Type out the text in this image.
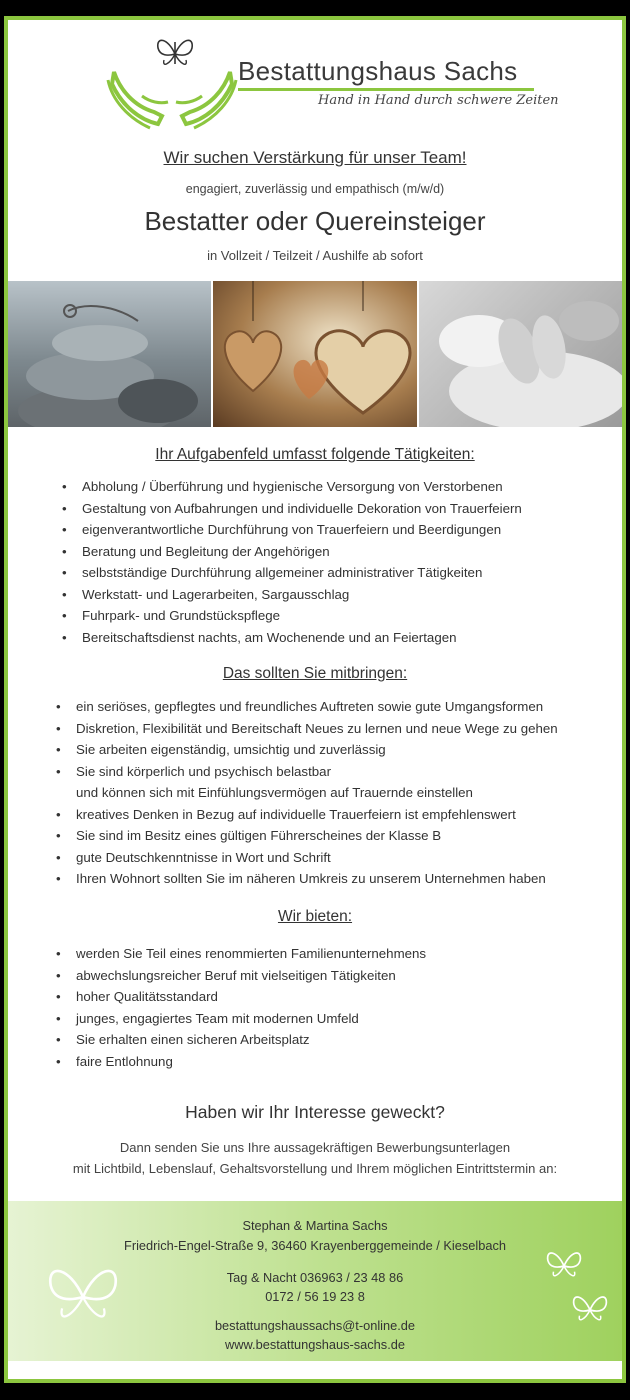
Bestattungshaus Sachs
Hand in Hand durch schwere Zeiten
Wir suchen Verstärkung für unser Team!
engagiert, zuverlässig und empathisch (m/w/d)
Bestatter oder Quereinsteiger
in Vollzeit / Teilzeit / Aushilfe ab sofort
Ihr Aufgabenfeld umfasst folgende Tätigkeiten:
• Abholung / Überführung und hygienische Versorgung von Verstorbenen
• Gestaltung von Aufbahrungen und individuelle Dekoration von Trauerfeiern
• eigenverantwortliche Durchführung von Trauerfeiern und Beerdigungen
• Beratung und Begleitung der Angehörigen
• selbstständige Durchführung allgemeiner administrativer Tätigkeiten
• Werkstatt- und Lagerarbeiten, Sargausschlag
• Fuhrpark- und Grundstückspflege
• Bereitschaftsdienst nachts, am Wochenende und an Feiertagen
Das sollten Sie mitbringen:
• ein seriöses, gepflegtes und freundliches Auftreten sowie gute Umgangsformen
• Diskretion, Flexibilität und Bereitschaft Neues zu lernen und neue Wege zu gehen
• Sie arbeiten eigenständig, umsichtig und zuverlässig
• Sie sind körperlich und psychisch belastbar
und können sich mit Einfühlungsvermögen auf Trauernde einstellen
• kreatives Denken in Bezug auf individuelle Trauerfeiern ist empfehlenswert
• Sie sind im Besitz eines gültigen Führerscheines der Klasse B
• gute Deutschkenntnisse in Wort und Schrift
• Ihren Wohnort sollten Sie im näheren Umkreis zu unserem Unternehmen haben
Wir bieten:
• werden Sie Teil eines renommierten Familienunternehmens
• abwechslungsreicher Beruf mit vielseitigen Tätigkeiten
• hoher Qualitätsstandard
• junges, engagiertes Team mit modernen Umfeld
• Sie erhalten einen sicheren Arbeitsplatz
• faire Entlohnung
Haben wir Ihr Interesse geweckt?
Dann senden Sie uns Ihre aussagekräftigen Bewerbungsunterlagen
mit Lichtbild, Lebenslauf, Gehaltsvorstellung und Ihrem möglichen Eintrittstermin an:
Stephan & Martina Sachs
Friedrich-Engel-Straße 9, 36460 Krayenberggemeinde / Kieselbach
Tag & Nacht 036963 / 23 48 86
0172 / 56 19 23 8
bestattungshaussachs@t-online.de
www.bestattungshaus-sachs.de
